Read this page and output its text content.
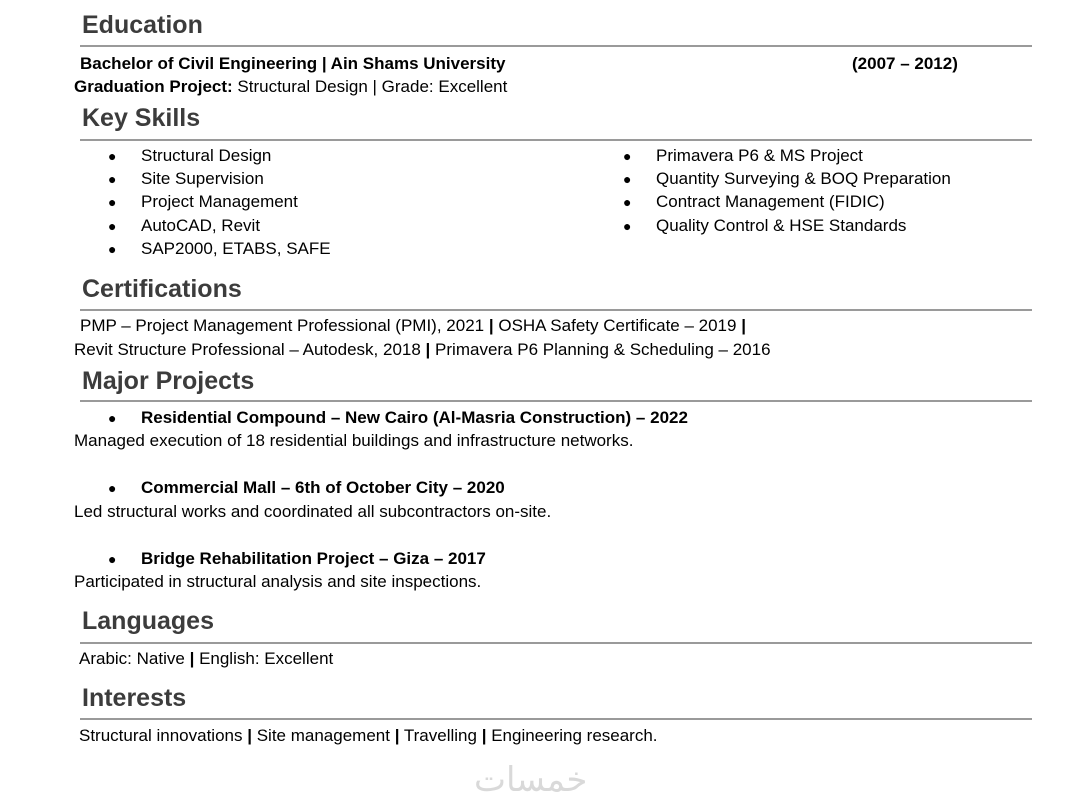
Education
Bachelor of Civil Engineering | Ain Shams University	(2007 – 2012)
Graduation Project: Structural Design | Grade: Excellent
Key Skills
Structural Design
Site Supervision
Project Management
AutoCAD, Revit
SAP2000, ETABS, SAFE
●
●
●
●
●
Primavera P6 & MS Project
Quantity Surveying & BOQ Preparation
Contract Management (FIDIC)
Quality Control & HSE Standards
●
●
●
●
Certifications
PMP – Project Management Professional (PMI), 2021 | OSHA Safety Certificate – 2019 |
Revit Structure Professional – Autodesk, 2018 | Primavera P6 Planning & Scheduling – 2016
Major Projects
● Residential Compound – New Cairo (Al-Masria Construction) – 2022
Managed execution of 18 residential buildings and infrastructure networks.
● Commercial Mall – 6th of October City – 2020
Led structural works and coordinated all subcontractors on-site.
● Bridge Rehabilitation Project – Giza – 2017
Participated in structural analysis and site inspections.
Languages
Arabic: Native | English: Excellent
Interests
Structural innovations | Site management | Travelling | Engineering research.
خمسات
